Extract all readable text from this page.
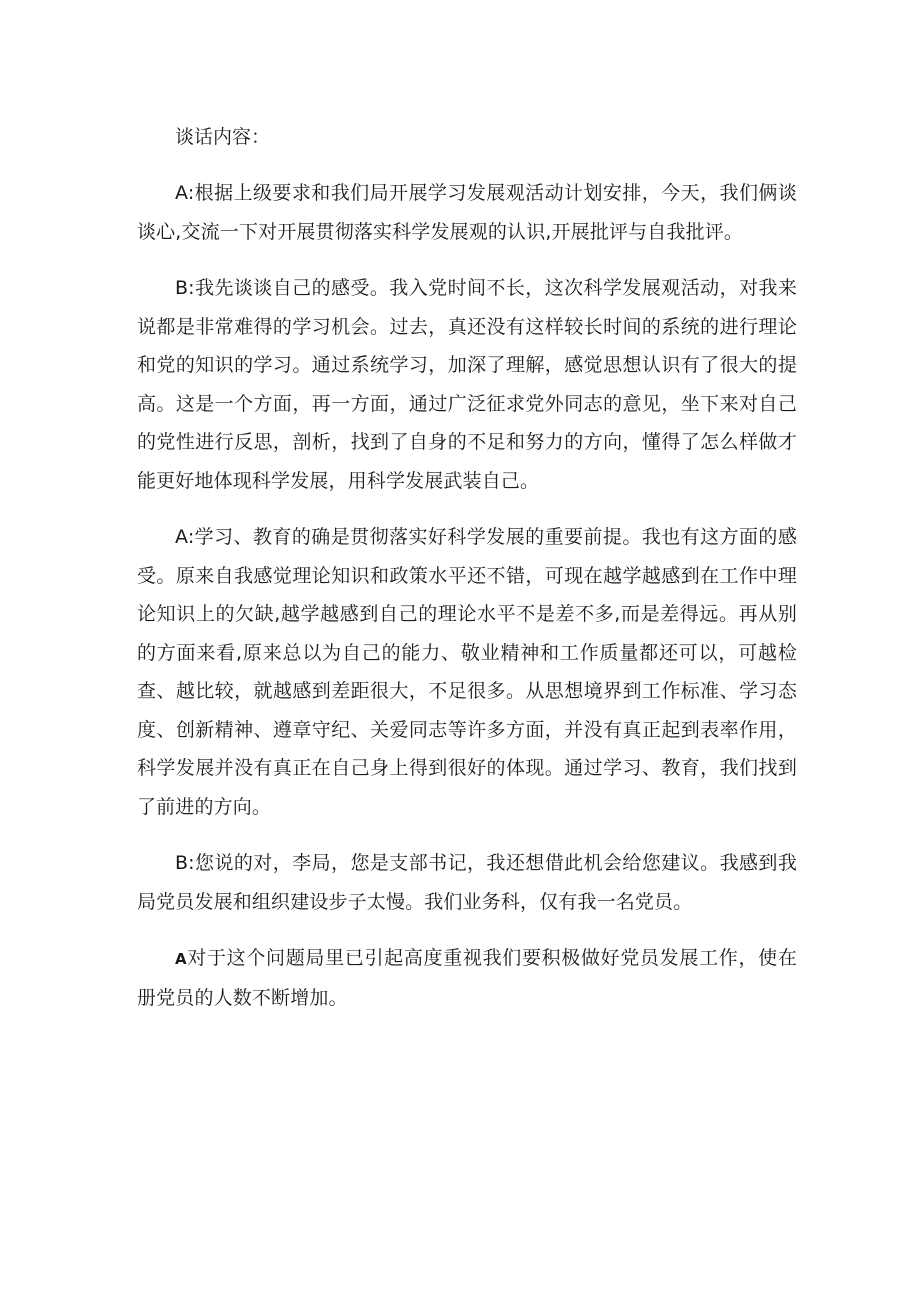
谈话内容：

A:根据上级要求和我们局开展学习发展观活动计划安排，今天，我们俩谈谈心,交流一下对开展贯彻落实科学发展观的认识,开展批评与自我批评。

B:我先谈谈自己的感受。我入党时间不长，这次科学发展观活动，对我来说都是非常难得的学习机会。过去，真还没有这样较长时间的系统的进行理论和党的知识的学习。通过系统学习，加深了理解，感觉思想认识有了很大的提高。这是一个方面，再一方面，通过广泛征求党外同志的意见，坐下来对自己的党性进行反思，剖析，找到了自身的不足和努力的方向，懂得了怎么样做才能更好地体现科学发展，用科学发展武装自己。

A:学习、教育的确是贯彻落实好科学发展的重要前提。我也有这方面的感受。原来自我感觉理论知识和政策水平还不错，可现在越学越感到在工作中理论知识上的欠缺,越学越感到自己的理论水平不是差不多,而是差得远。再从别的方面来看,原来总以为自己的能力、敬业精神和工作质量都还可以，可越检查、越比较，就越感到差距很大，不足很多。从思想境界到工作标准、学习态度、创新精神、遵章守纪、关爱同志等许多方面，并没有真正起到表率作用，科学发展并没有真正在自己身上得到很好的体现。通过学习、教育，我们找到了前进的方向。

B:您说的对，李局，您是支部书记，我还想借此机会给您建议。我感到我局党员发展和组织建设步子太慢。我们业务科，仅有我一名党员。

A对于这个问题局里已引起高度重视我们要积极做好党员发展工作，使在册党员的人数不断增加。
